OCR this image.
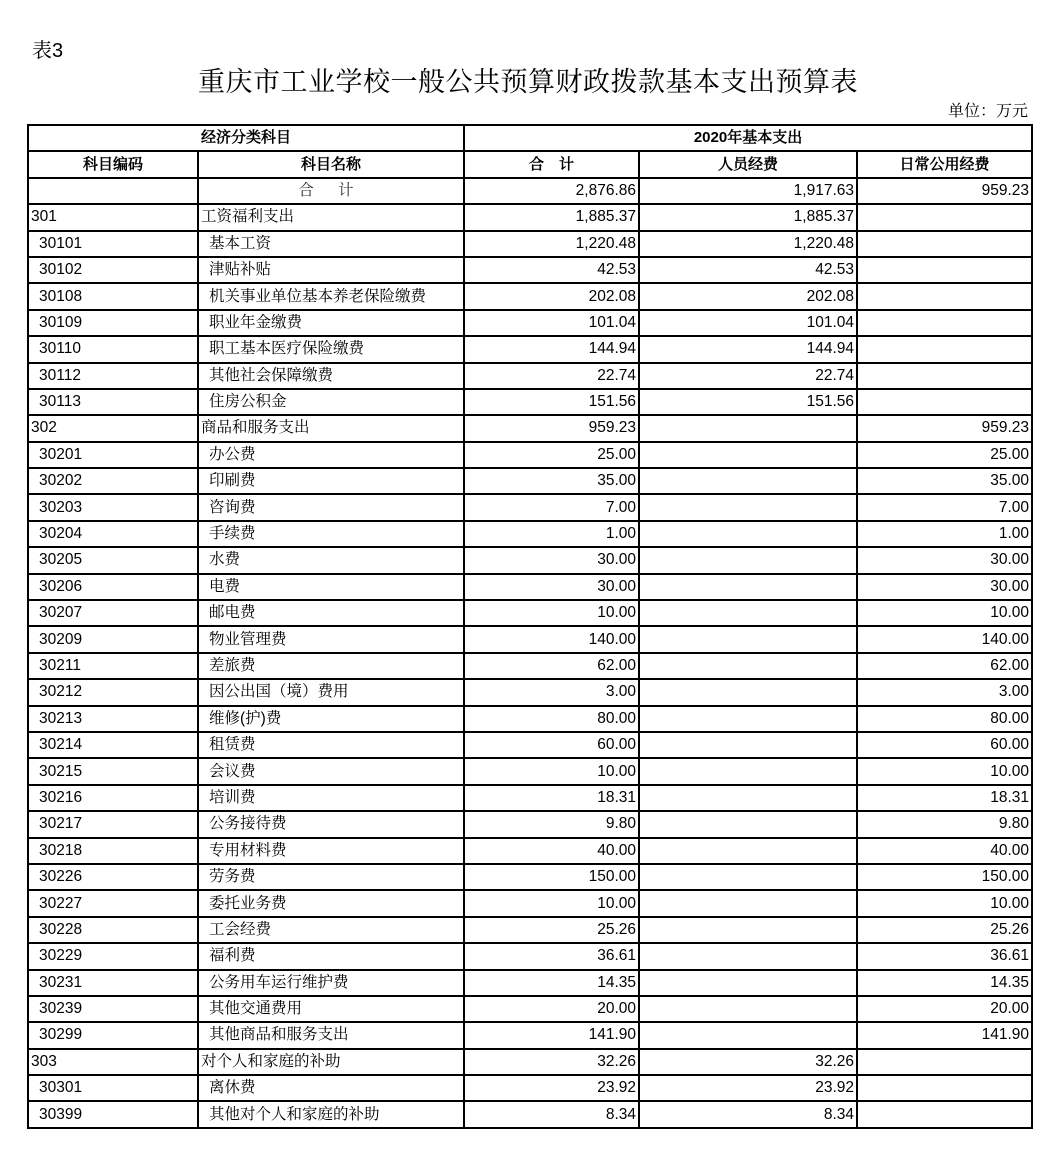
表3
重庆市工业学校一般公共预算财政拨款基本支出预算表
单位：万元
经济分类科目		2020年基本支出		
科目编码	科目名称	合　计	人员经费	日常公用经费
	合 计	2,876.86	1,917.63	959.23
301	工资福利支出	1,885.37	1,885.37	
30101	基本工资	1,220.48	1,220.48	
30102	津贴补贴	42.53	42.53	
30108	机关事业单位基本养老保险缴费	202.08	202.08	
30109	职业年金缴费	101.04	101.04	
30110	职工基本医疗保险缴费	144.94	144.94	
30112	其他社会保障缴费	22.74	22.74	
30113	住房公积金	151.56	151.56	
302	商品和服务支出	959.23		959.23
30201	办公费	25.00		25.00
30202	印刷费	35.00		35.00
30203	咨询费	7.00		7.00
30204	手续费	1.00		1.00
30205	水费	30.00		30.00
30206	电费	30.00		30.00
30207	邮电费	10.00		10.00
30209	物业管理费	140.00		140.00
30211	差旅费	62.00		62.00
30212	因公出国（境）费用	3.00		3.00
30213	维修(护)费	80.00		80.00
30214	租赁费	60.00		60.00
30215	会议费	10.00		10.00
30216	培训费	18.31		18.31
30217	公务接待费	9.80		9.80
30218	专用材料费	40.00		40.00
30226	劳务费	150.00		150.00
30227	委托业务费	10.00		10.00
30228	工会经费	25.26		25.26
30229	福利费	36.61		36.61
30231	公务用车运行维护费	14.35		14.35
30239	其他交通费用	20.00		20.00
30299	其他商品和服务支出	141.90		141.90
303	对个人和家庭的补助	32.26	32.26	
30301	离休费	23.92	23.92	
30399	其他对个人和家庭的补助	8.34	8.34	
